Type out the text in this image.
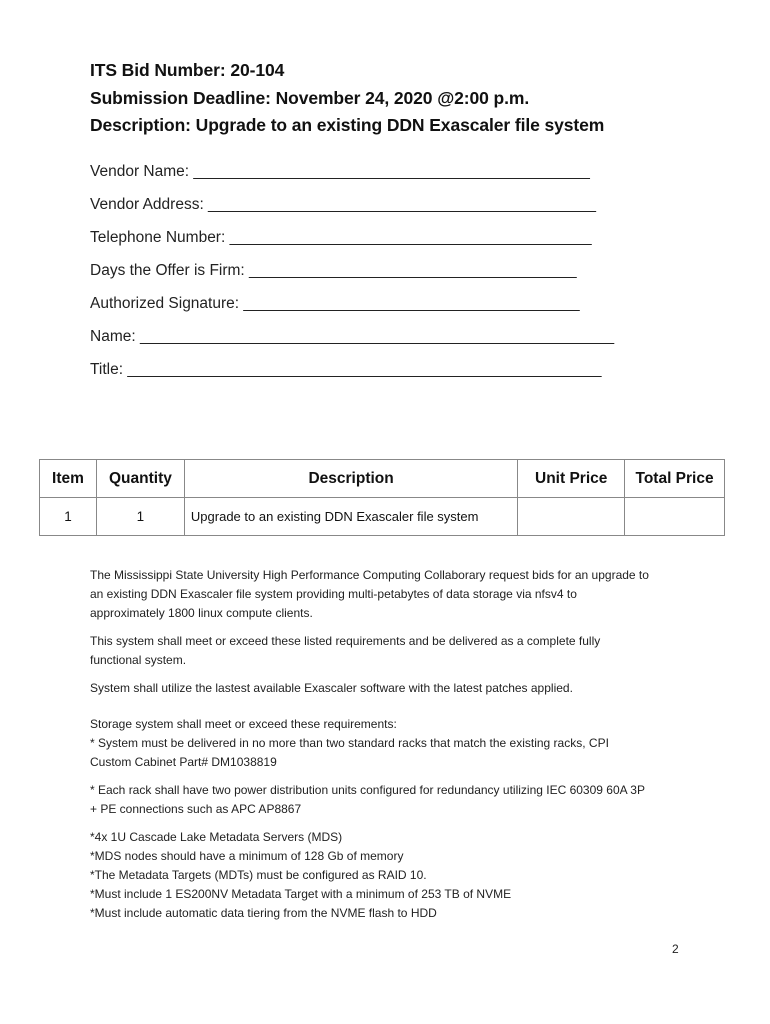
ITS Bid Number: 20-104
Submission Deadline: November 24, 2020 @2:00 p.m.
Description: Upgrade to an existing DDN Exascaler file system
Vendor Name: ______________________________________________
Vendor Address: _____________________________________________
Telephone Number: __________________________________________
Days the Offer is Firm: ______________________________________
Authorized Signature: _______________________________________
Name: _______________________________________________________
Title: _______________________________________________________
Item	Quantity	Description	Unit Price	Total Price
1	1	Upgrade to an existing DDN Exascaler file system		

The Mississippi State University High Performance Computing Collaborary request bids for an upgrade to

an existing DDN Exascaler file system providing multi-petabytes of data storage via nfsv4 to

approximately 1800 linux compute clients.

This system shall meet or exceed these listed requirements and be delivered as a complete fully

functional system.

System shall utilize the lastest available Exascaler software with the latest patches applied.

Storage system shall meet or exceed these requirements:

* System must be delivered in no more than two standard racks that match the existing racks, CPI

Custom Cabinet Part# DM1038819

* Each rack shall have two power distribution units configured for redundancy utilizing IEC 60309 60A 3P

+ PE connections such as APC AP8867

*4x 1U Cascade Lake Metadata Servers (MDS)

*MDS nodes should have a minimum of 128 Gb of memory

*The Metadata Targets (MDTs) must be configured as RAID 10.

*Must include 1 ES200NV Metadata Target with a minimum of 253 TB of NVME

*Must include automatic data tiering from the NVME flash to HDD

2
